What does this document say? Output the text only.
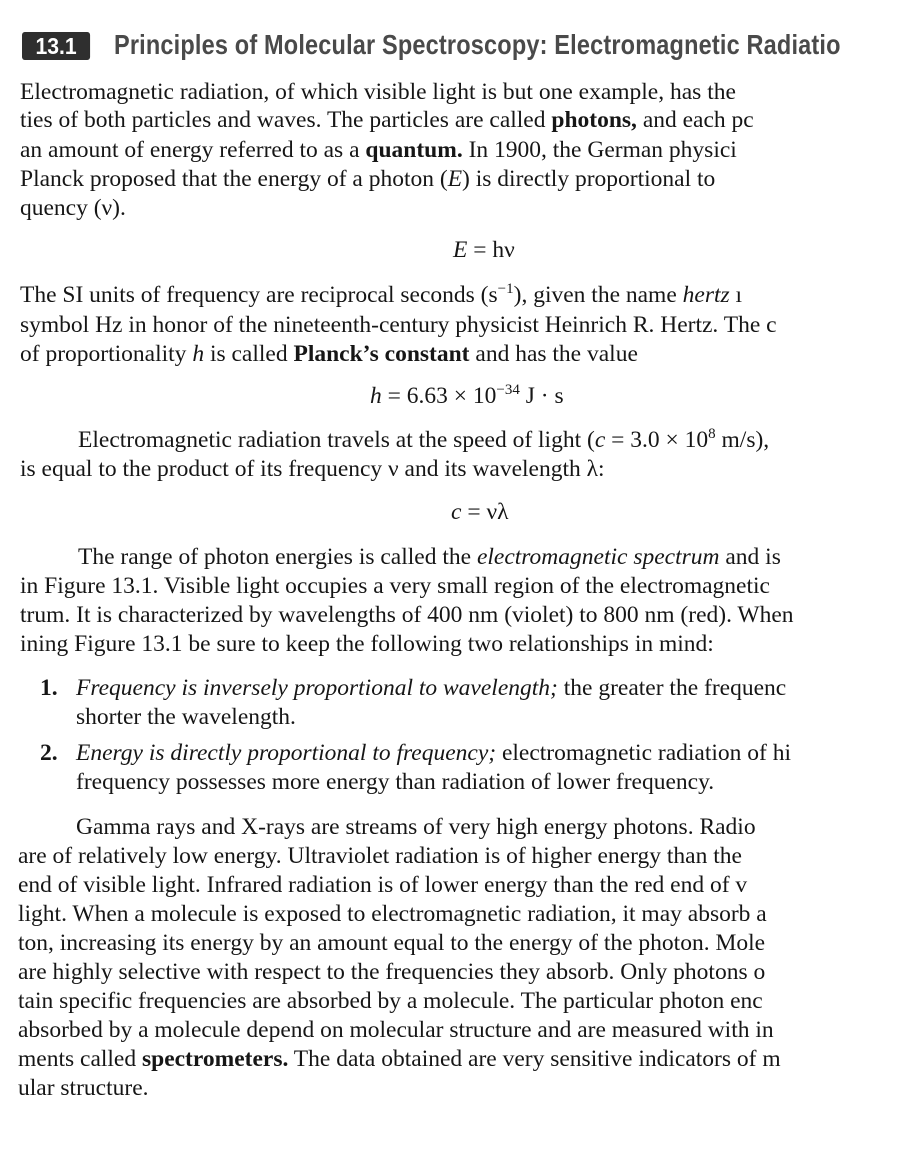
13.1	Principles of Molecular Spectroscopy: Electromagnetic Radiatio
Electromagnetic radiation, of which visible light is but one example, has the
ties of both particles and waves. The particles are called photons, and each pc
an amount of energy referred to as a quantum. In 1900, the German physici
Planck proposed that the energy of a photon (E) is directly proportional to
quency (ν).
E = hν
The SI units of frequency are reciprocal seconds $(s^{-1})$, given the name hertz ı
symbol Hz in honor of the nineteenth-century physicist Heinrich R. Hertz. The c
of proportionality h is called Planck’s constant and has the value
$h = 6.63 \times 10^{-34}$ J · s
Electromagnetic radiation travels at the speed of light ($c = 3.0 \times 10^8$ m/s),
is equal to the product of its frequency ν and its wavelength λ:
c = νλ
The range of photon energies is called the electromagnetic spectrum and is
in Figure 13.1. Visible light occupies a very small region of the electromagnetic
trum. It is characterized by wavelengths of 400 nm (violet) to 800 nm (red). When
ining Figure 13.1 be sure to keep the following two relationships in mind:
1. Frequency is inversely proportional to wavelength; the greater the frequenc
shorter the wavelength.
2. Energy is directly proportional to frequency; electromagnetic radiation of hi
frequency possesses more energy than radiation of lower frequency.
Gamma rays and X-rays are streams of very high energy photons. Radio
are of relatively low energy. Ultraviolet radiation is of higher energy than the
end of visible light. Infrared radiation is of lower energy than the red end of v
light. When a molecule is exposed to electromagnetic radiation, it may absorb a
ton, increasing its energy by an amount equal to the energy of the photon. Mole
are highly selective with respect to the frequencies they absorb. Only photons o
tain specific frequencies are absorbed by a molecule. The particular photon enc
absorbed by a molecule depend on molecular structure and are measured with in
ments called spectrometers. The data obtained are very sensitive indicators of m
ular structure.
